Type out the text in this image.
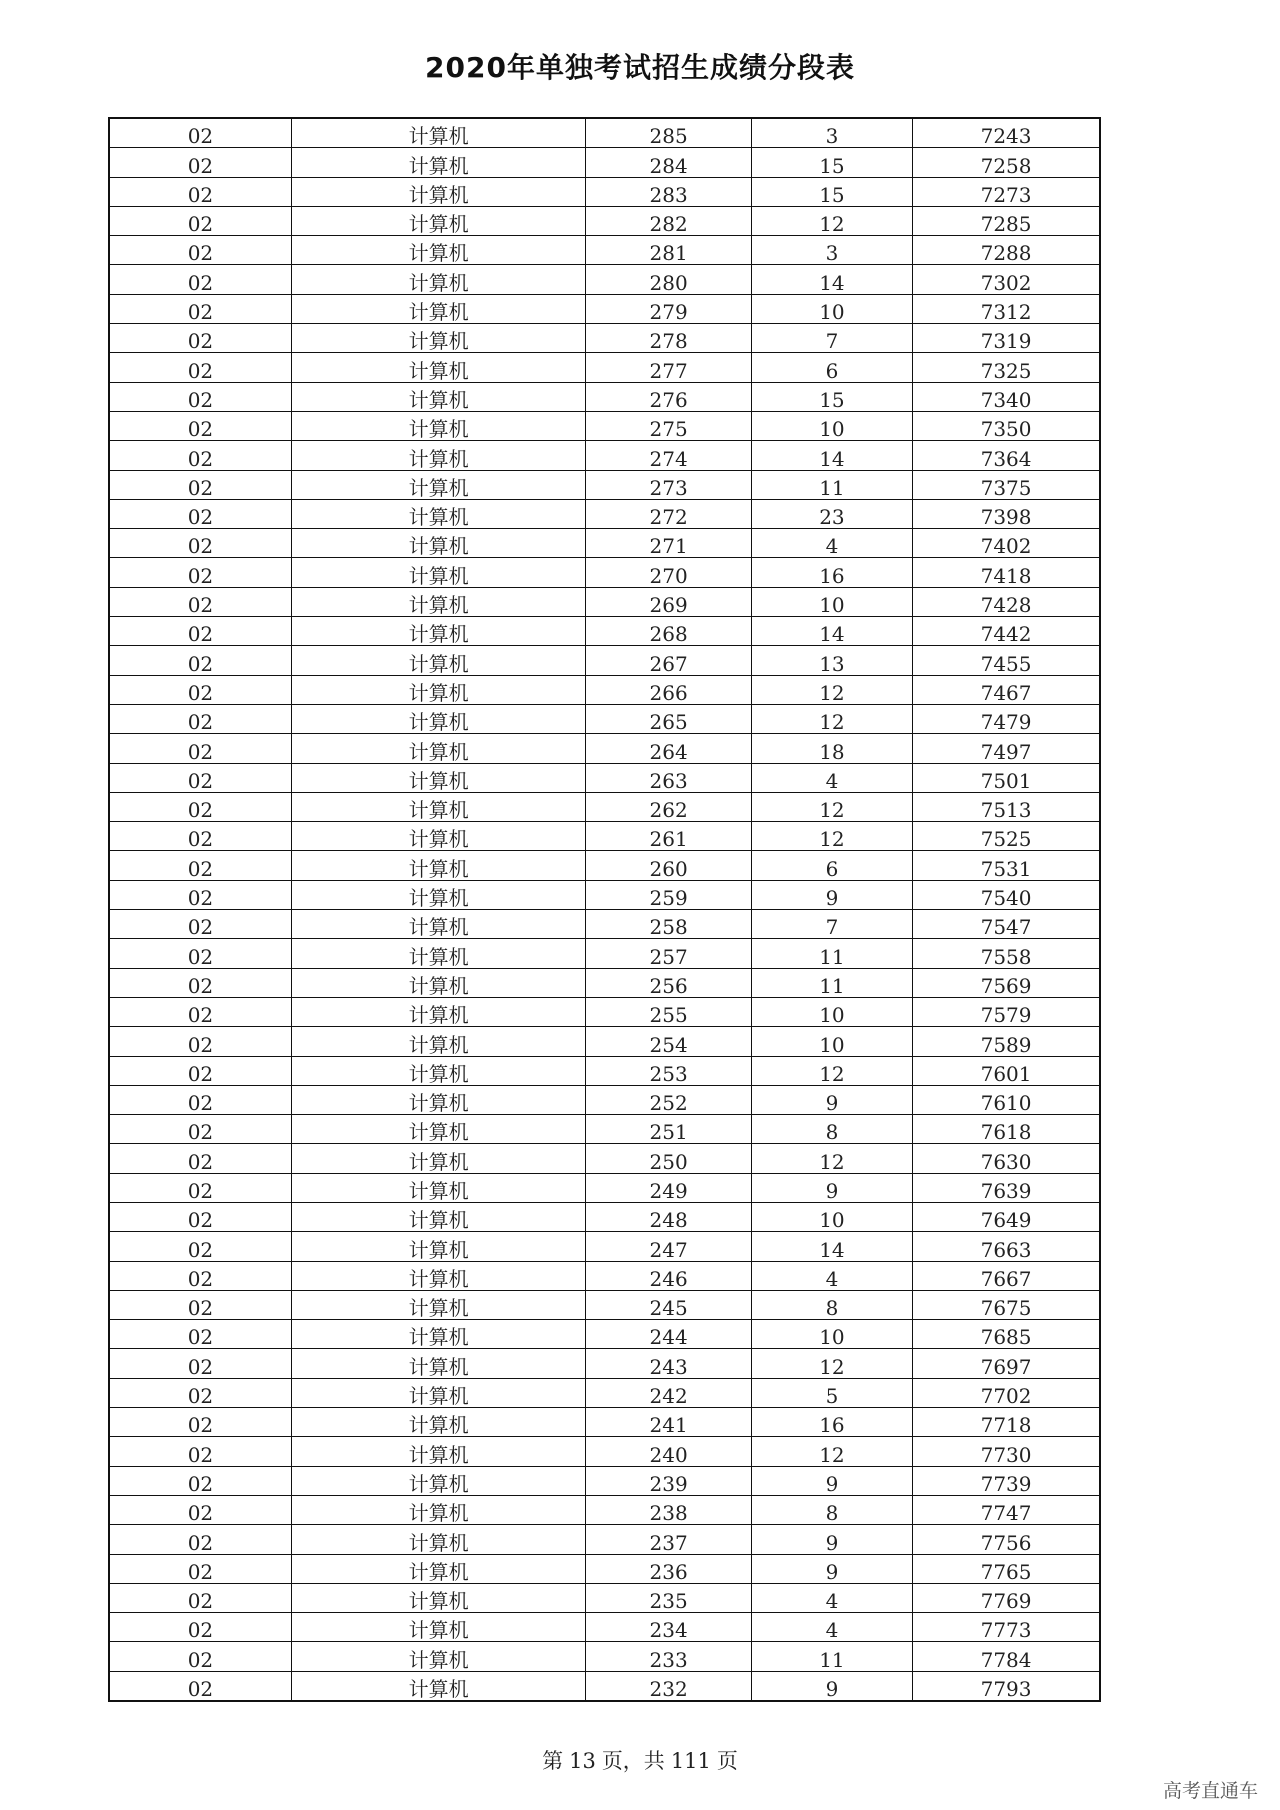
2020年单独考试招生成绩分段表
02	计算机	285	3	7243
02	计算机	284	15	7258
02	计算机	283	15	7273
02	计算机	282	12	7285
02	计算机	281	3	7288
02	计算机	280	14	7302
02	计算机	279	10	7312
02	计算机	278	7	7319
02	计算机	277	6	7325
02	计算机	276	15	7340
02	计算机	275	10	7350
02	计算机	274	14	7364
02	计算机	273	11	7375
02	计算机	272	23	7398
02	计算机	271	4	7402
02	计算机	270	16	7418
02	计算机	269	10	7428
02	计算机	268	14	7442
02	计算机	267	13	7455
02	计算机	266	12	7467
02	计算机	265	12	7479
02	计算机	264	18	7497
02	计算机	263	4	7501
02	计算机	262	12	7513
02	计算机	261	12	7525
02	计算机	260	6	7531
02	计算机	259	9	7540
02	计算机	258	7	7547
02	计算机	257	11	7558
02	计算机	256	11	7569
02	计算机	255	10	7579
02	计算机	254	10	7589
02	计算机	253	12	7601
02	计算机	252	9	7610
02	计算机	251	8	7618
02	计算机	250	12	7630
02	计算机	249	9	7639
02	计算机	248	10	7649
02	计算机	247	14	7663
02	计算机	246	4	7667
02	计算机	245	8	7675
02	计算机	244	10	7685
02	计算机	243	12	7697
02	计算机	242	5	7702
02	计算机	241	16	7718
02	计算机	240	12	7730
02	计算机	239	9	7739
02	计算机	238	8	7747
02	计算机	237	9	7756
02	计算机	236	9	7765
02	计算机	235	4	7769
02	计算机	234	4	7773
02	计算机	233	11	7784
02	计算机	232	9	7793
第 13 页，共 111 页
高考直通车
